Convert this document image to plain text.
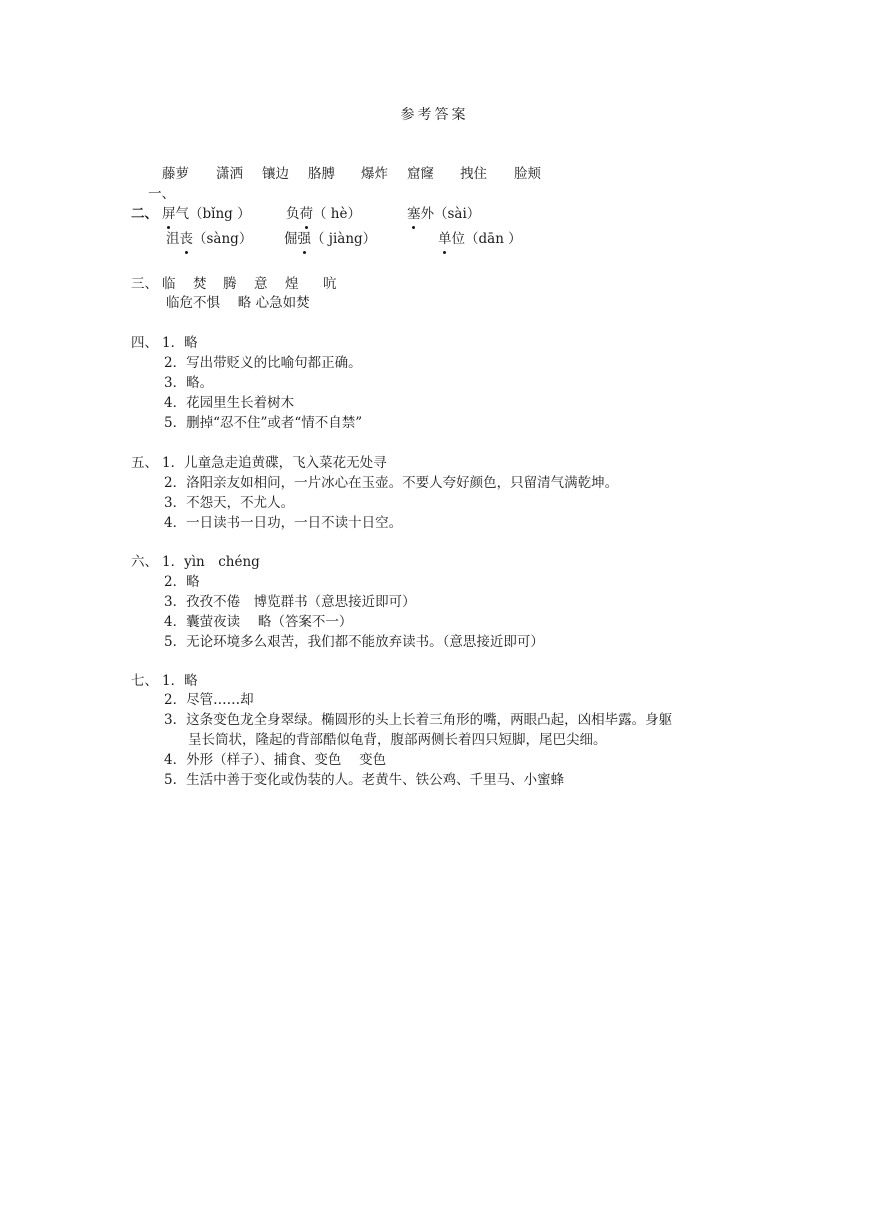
参考答案

一、

藤萝 潇洒 镶边 胳膊 爆炸 窟窿 拽住 脸颊
二、 屏气（bǐng ）	负荷（ hè）	塞外（sài）
沮丧（sàng） 倔强（ jiàng）	单位（dān ）
三、 临 焚 腾 意 煌 吭
临危不惧　 略 心急如焚
四、 1．略
2．写出带贬义的比喻句都正确。
3．略。
4．花园里生长着树木
5．删掉“忍不住”或者“情不自禁”
五、 1．儿童急走追黄碟，飞入菜花无处寻
2．洛阳亲友如相问，一片冰心在玉壶。不要人夸好颜色，只留清气满乾坤。
3．不怨天，不尤人。
4．一日读书一日功，一日不读十日空。
六、 1．yìn　chéng
2．略
3．孜孜不倦　博览群书（意思接近即可）
4．囊萤夜读　 略（答案不一）
5．无论环境多么艰苦，我们都不能放弃读书。（意思接近即可）
七、 1．略
2．尽管……却
3．这条变色龙全身翠绿。椭圆形的头上长着三角形的嘴，两眼凸起，凶相毕露。身躯
呈长筒状，隆起的背部酷似龟背，腹部两侧长着四只短脚，尾巴尖细。
4．外形（样子）、捕食、变色　 变色
5．生活中善于变化或伪装的人。老黄牛、铁公鸡、千里马、小蜜蜂
